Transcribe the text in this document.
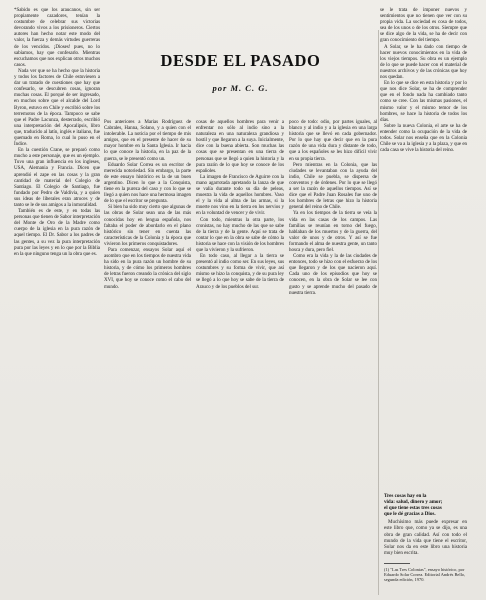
*Sabido es que los araucanos, sin ser propiamente cazadores, tenían la costumbre de celebrar sus victorias devorando vivos a los prisioneros. Ciertos autores han hecho notar este modo del valor, la fuerza y demás virtudes guerreras de los vencidos. ¡Dioses! pues, no lo sabíamos, hay que confesarlo. Mientras escuchamos que nos explican otros muchos casos.

Nada ver que se ha hecho que la historia y todos los factores de Chile estuviesen a dar un tratado de cuestiones que hay que confesarlo, se descubren cosas, ignoran muchas cosas. El porqué de ser ingresado, en muchos sobre que el alcalde del Lord Byron, estuvo en Chile y escribió sobre los terremotos de la época. Tampoco se sabe que el Padre Lacunza, desterrado, escribió una interpretación del Apocalipsis, libro que, traducido al latín, inglés e italiano, fue quemado en Roma, lo cual lo puso en el Índice.

En la cuestión Crane, se preparó como mucho a este personaje, que es un ejemplo. Tuvo una gran influencia en los ingleses, USA, Alemania y Francia. Dicen que aprendió el zape en las cosas y la gran cantidad de material del Colegio de Santiago. El Colegio de Santiago, fue fundado por Pedro de Valdivia, y a quien sus ideas de liberales eran atroces y de tanto se le de sus amigos a la inmoralidad.

También es de este, y en todas las personas que tienen de Sabor interpretación del Monte de Oro de la Madre como cuerpo de la iglesia en la pura razón de aquel tiempo. El Dr. Sabor a los padres de las gentes, a su vez la pura interpretación pura por las leyes y en lo que por la Biblia en la que ninguno tenga un la obra que es.

DESDE EL PASADO
por M. C. G.

Pos anteriores a Marias Rodríguez de Cabrales, Hanna, Solano, y a quien con el intolerable. La noticia por el tiempo de mis amigos, que en el presente de hacer de su mayor hombre en la Santa Iglesia. Ir hacia lo que conoce la historia, en la paz de la guerra, se le presentó como un.

Eduardo Solar Correa es un escritor de merecida notoriedad. Sin embargo, la parte de este ensayo histórico es la de un buen argentino. Dicen lo que a la Conquista, tiene en la pureza del caso y con lo que se llegó a quien nos hace una hermosa imagen de lo que el escritor se pregunta.

Si bien ha sido muy cierto que algunas de las obras de Solar sean una de las más conocidas hoy en lengua española, nos faltaba el poder de abordarlo en el plano histórico sin tener en cuenta las características de la Colonia y la época que vivieron los primeros conquistadores.

Para comenzar, ensayos Solar aquí el asombro que en los tiempos de nuestra vida ha sido en la pura razón un hombre de su historia, y de cómo los primeros hombres de letras fueron creando la crónica del siglo XVI, que hoy se conoce como el cabo del mundo.

cosas de aquellos hombres para venir a enfrentar no sólo al indio sino a la naturaleza en una naturaleza grandiosa y hostil y que llegaron a la suya. Inicialmente, dice con la buena abierta. Son muchas las cosas que se presentan en una tierra de personas que se llegó a quien la historia y la pura razón de lo que hoy se conoce de los españoles.

La imagen de Francisco de Aguirre con la mano agarrotada apretando la lanza de que se valía durante todo su día de peleas, muestra la vida de aquellos hombres. Vaso el y la vida al alma de las armas, si la muerte nos vino en la tierra en los nervios y en la voluntad de vencer y de vivir.

Con todo, mientras la otra parte, los cronistas, no hay mucho de las que se sabe de la tierra y de la gente. Aquí se trata de contar lo que en la obra se sabe de cómo la historia se hace con la visión de los hombres que la vivieron y la sufrieron.

En todo caso, al llegar a la tierra se presentó al indio como ser. En sus leyes, sus costumbres y su forma de vivir, que así mismo se hizo la conquista, y de su pura ley se llegó a lo que hoy se sabe de la tierra de Arauco y de los pueblos del sur.

poco de todo: odio, por partes iguales, al blanco y al indio y a la iglesia en una larga historia que se llevó en cada gobernador. Por lo que hay que decir que en la pura razón de una vida dura y distante de todo, que a los españoles se les hizo difícil vivir en su propia tierra.

Pero mientras en la Colonia, que las ciudades se levantaban con la ayuda del indio, Chile se puebla, se dispersa de conventos y de órdenes. Por lo que se llegó a ser la razón de aquellos tiempos. Así se dice que el Padre Juan Rosales fue uno de los hombres de letras que hizo la historia general del reino de Chile.

Ya en los tiempos de la tierra se veía la vida en las casas de los campos. Las familias se reunían en torno del fuego, hablaban de los muertos y de la guerra, del valor de unos y de otros. Y así se fue formando el alma de nuestra gente, un tanto hosca y dura, pero fiel.

Como era la vida y la de las ciudades de entonces, todo se hizo con el esfuerzo de los que llegaron y de los que nacieron aquí. Cada uno de los episodios que hoy se conocen, en la obra de Solar se lee con gusto y se aprende mucho del pasado de nuestra tierra.

se le trata de imponer nuevos y sentimientos que no tienen que ver con su propia vida. La sociedad es cosa de todos, sea de los unos o de los otros. Siempre que se dice algo de la vida, se ha de decir con gran conocimiento del tiempo.

A Solar, se le ha dado con tiempo de hacer nuevos conocimientos en la vida de los viejos tiempos. Su obra es un ejemplo de lo que se puede hacer con el material de nuestros archivos y de las crónicas que hoy nos quedan.

En lo que se dice en esta historia y por lo que nos dice Solar, se ha de comprender que en el fondo nada ha cambiado tanto como se cree. Con las mismas pasiones, el mismo valor y el mismo temor de los hombres, se hace la historia de todos los días.

Sobre la nueva Colonia, el arte se ha de entender como la ocupación de la vida de todos. Solar nos enseña que en la Colonia Chile se va a la iglesia y a la plaza, y que en cada casa se vive la historia del reino.

Tres cosas hay en la
vida: salud, dinero y amor;
el que tiene estas tres cosas
que le dé gracias a Dios.

Muchísimo más puede expresar en este libro que, como ya se dijo, es una obra de gran calidad. Así con todo el mundo de la vida que tiene el escritor, Solar nos da en este libro una historia muy bien escrita.

(1) "Las Tres Colonias", ensayo histórico, por Eduardo Solar Correa. Editorial Andrés Bello, segunda edición, 1970.
